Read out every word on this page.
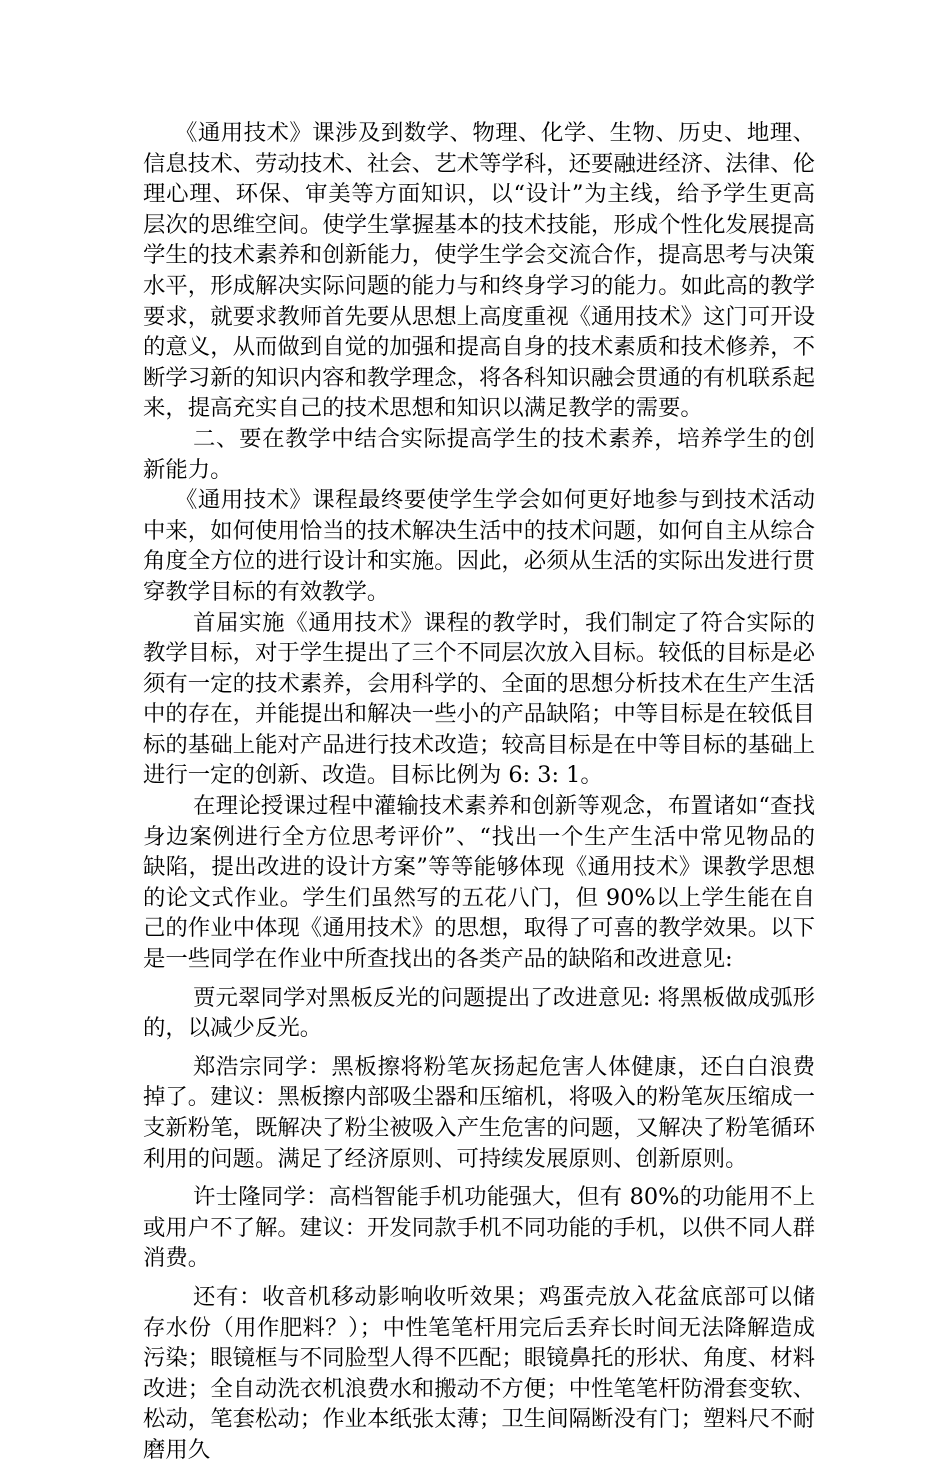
《通用技术》课涉及到数学、物理、化学、生物、历史、地理、信息技术、劳动技术、社会、艺术等学科，还要融进经济、法律、伦理心理、环保、审美等方面知识，以“设计”为主线，给予学生更高层次的思维空间。使学生掌握基本的技术技能，形成个性化发展提高学生的技术素养和创新能力，使学生学会交流合作，提高思考与决策水平，形成解决实际问题的能力与和终身学习的能力。如此高的教学要求，就要求教师首先要从思想上高度重视《通用技术》这门可开设的意义，从而做到自觉的加强和提高自身的技术素质和技术修养，不断学习新的知识内容和教学理念，将各科知识融会贯通的有机联系起来，提高充实自己的技术思想和知识以满足教学的需要。

二、要在教学中结合实际提高学生的技术素养，培养学生的创新能力。

《通用技术》课程最终要使学生学会如何更好地参与到技术活动中来，如何使用恰当的技术解决生活中的技术问题，如何自主从综合角度全方位的进行设计和实施。因此，必须从生活的实际出发进行贯穿教学目标的有效教学。

首届实施《通用技术》课程的教学时，我们制定了符合实际的教学目标，对于学生提出了三个不同层次放入目标。较低的目标是必须有一定的技术素养，会用科学的、全面的思想分析技术在生产生活中的存在，并能提出和解决一些小的产品缺陷；中等目标是在较低目标的基础上能对产品进行技术改造；较高目标是在中等目标的基础上进行一定的创新、改造。目标比例为 6: 3: 1。

在理论授课过程中灌输技术素养和创新等观念，布置诸如“查找身边案例进行全方位思考评价”、“找出一个生产生活中常见物品的缺陷，提出改进的设计方案”等等能够体现《通用技术》课教学思想的论文式作业。学生们虽然写的五花八门，但 90%以上学生能在自己的作业中体现《通用技术》的思想，取得了可喜的教学效果。以下是一些同学在作业中所查找出的各类产品的缺陷和改进意见:

贾元翠同学对黑板反光的问题提出了改进意见: 将黑板做成弧形的，以减少反光。

郑浩宗同学：黑板擦将粉笔灰扬起危害人体健康，还白白浪费掉了。建议：黑板擦内部吸尘器和压缩机，将吸入的粉笔灰压缩成一支新粉笔，既解决了粉尘被吸入产生危害的问题，又解决了粉笔循环利用的问题。满足了经济原则、可持续发展原则、创新原则。

许士隆同学：高档智能手机功能强大，但有 80%的功能用不上或用户不了解。建议：开发同款手机不同功能的手机，以供不同人群消费。

还有：收音机移动影响收听效果；鸡蛋壳放入花盆底部可以储存水份（用作肥料？）；中性笔笔杆用完后丢弃长时间无法降解造成污染；眼镜框与不同脸型人得不匹配；眼镜鼻托的形状、角度、材料改进；全自动洗衣机浪费水和搬动不方便；中性笔笔杆防滑套变软、松动，笔套松动；作业本纸张太薄；卫生间隔断没有门；塑料尺不耐磨用久
